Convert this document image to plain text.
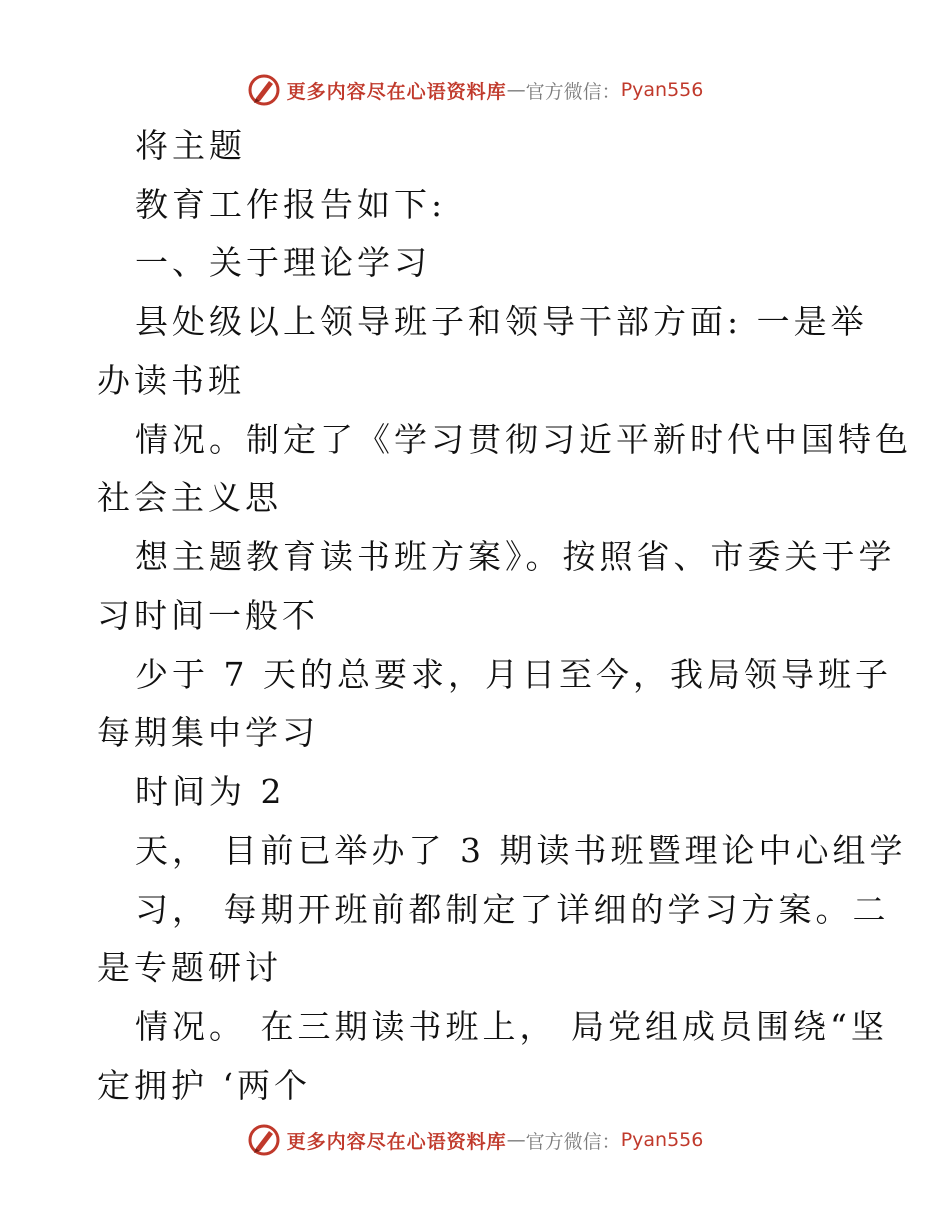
更多内容尽在心语资料库 — 官方微信： Pyan556
将主题
教育工作报告如下:
一、关于理论学习
县处级以上领导班子和领导干部方面: 一是举
办读书班
情况。制定了《学习贯彻习近平新时代中国特色
社会主义思
想主题教育读书班方案》。按照省、市委关于学
习时间一般不
少于 7 天的总要求，月日至今，我局领导班子
每期集中学习
时间为 2
天， 目前已举办了 3 期读书班暨理论中心组学
习， 每期开班前都制定了详细的学习方案。二
是专题研讨
情况。 在三期读书班上， 局党组成员围绕“坚
定拥护 ‘两个
更多内容尽在心语资料库 — 官方微信： Pyan556
